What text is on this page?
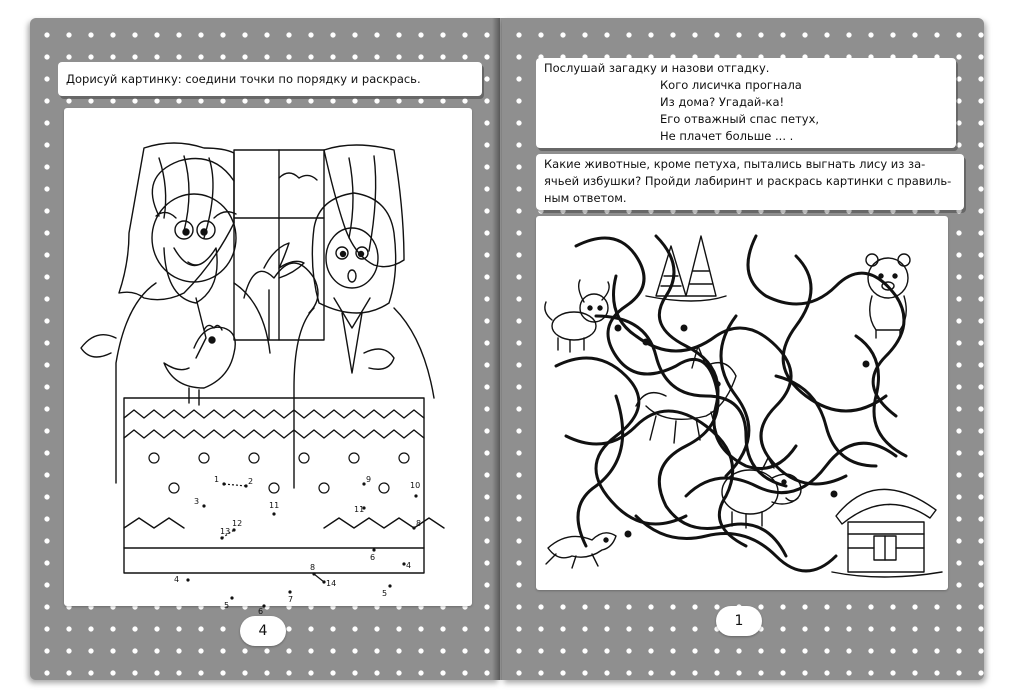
Дорисуй картинку: соедини точки по порядку и раскрась.
1	2
3
4
5
6
7
8
13
12
11
14
9
11
10
8
6
4
5
4
Послушай загадку и назови отгадку.
Кого лисичка прогнала
Из дома? Угадай-ка!
Его отважный спас петух,
Не плачет больше ... .
Какие животные, кроме петуха, пытались выгнать лису из за-
ячьей избушки? Пройди лабиринт и раскрась картинки с правиль-
ным ответом.
1
